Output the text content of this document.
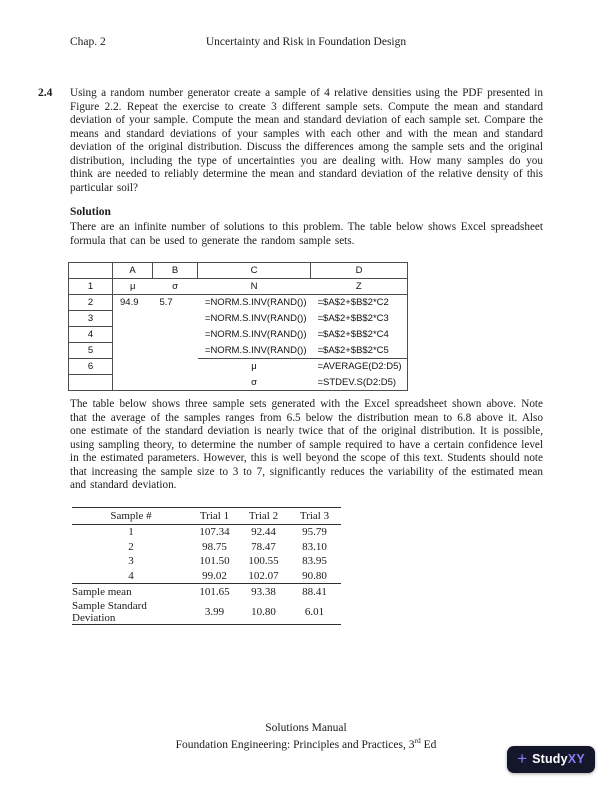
Chap. 2	Uncertainty and Risk in Foundation Design
2.4 Using a random number generator create a sample of 4 relative densities using the PDF presented in Figure 2.2. Repeat the exercise to create 3 different sample sets. Compute the mean and standard deviation of your sample. Compute the mean and standard deviation of each sample set. Compare the means and standard deviations of your samples with each other and with the mean and standard deviation of the original distribution. Discuss the differences among the sample sets and the original distribution, including the type of uncertainties you are dealing with. How many samples do you think are needed to reliably determine the mean and standard deviation of the relative density of this particular soil?
Solution
There are an infinite number of solutions to this problem. The table below shows Excel spreadsheet formula that can be used to generate the random sample sets.
	A	B	C	D
1	μ	σ	N	Z
2	94.9	5.7	=NORM.S.INV(RAND())	=$A$2+$B$2*C2
3			=NORM.S.INV(RAND())	=$A$2+$B$2*C3
4			=NORM.S.INV(RAND())	=$A$2+$B$2*C4
5			=NORM.S.INV(RAND())	=$A$2+$B$2*C5
6			μ	=AVERAGE(D2:D5)
			σ	=STDEV.S(D2:D5)
The table below shows three sample sets generated with the Excel spreadsheet shown above. Note that the average of the samples ranges from 6.5 below the distribution mean to 6.8 above it. Also one estimate of the standard deviation is nearly twice that of the original distribution. It is possible, using sampling theory, to determine the number of sample required to have a certain confidence level in the estimated parameters. However, this is well beyond the scope of this text. Students should note that increasing the sample size to 3 to 7, significantly reduces the variability of the estimated mean and standard deviation.
Sample #	Trial 1	Trial 2	Trial 3
1	107.34	92.44	95.79
2	98.75	78.47	83.10
3	101.50	100.55	83.95
4	99.02	102.07	90.80
Sample mean	101.65	93.38	88.41
Sample Standard Deviation	3.99	10.80	6.01
Solutions Manual
Foundation Engineering: Principles and Practices, 3rd Ed
+ StudyXY
